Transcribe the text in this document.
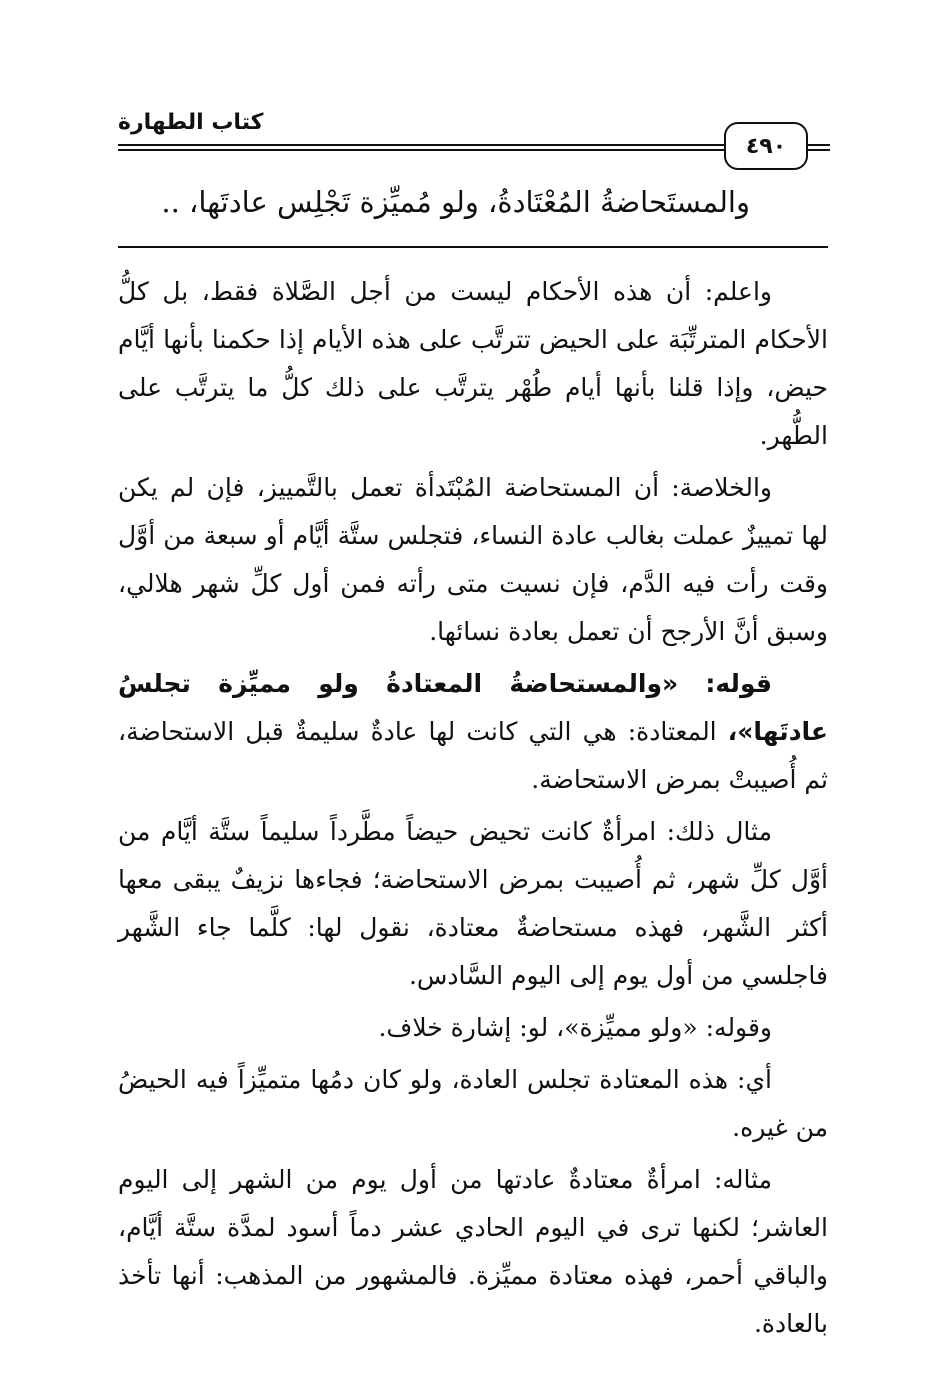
كتاب الطهارة
٤٩٠
والمستَحاضةُ المُعْتَادةُ، ولو مُميِّزة تَجْلِس عادتَها، ..

واعلم: أن هذه الأحكام ليست من أجل الصَّلاة فقط، بل كلُّ الأحكام المترتِّبَة على الحيض تترتَّب على هذه الأيام إذا حكمنا بأنها أيَّام حيض، وإذا قلنا بأنها أيام طُهْر يترتَّب على ذلك كلُّ ما يترتَّب على الطُّهر.

والخلاصة: أن المستحاضة المُبْتَدأة تعمل بالتَّمييز، فإن لم يكن لها تمييزٌ عملت بغالب عادة النساء، فتجلس ستَّة أيَّام أو سبعة من أوَّل وقت رأت فيه الدَّم، فإن نسيت متى رأته فمن أول كلِّ شهر هلالي، وسبق أنَّ الأرجح أن تعمل بعادة نسائها.

قوله: «والمستحاضةُ المعتادةُ ولو مميِّزة تجلسُ عادتَها»، المعتادة: هي التي كانت لها عادةٌ سليمةٌ قبل الاستحاضة، ثم أُصيبتْ بمرض الاستحاضة.

مثال ذلك: امرأةٌ كانت تحيض حيضاً مطَّرداً سليماً ستَّة أيَّام من أوَّل كلِّ شهر، ثم أُصيبت بمرض الاستحاضة؛ فجاءها نزيفٌ يبقى معها أكثر الشَّهر، فهذه مستحاضةٌ معتادة، نقول لها: كلَّما جاء الشَّهر فاجلسي من أول يوم إلى اليوم السَّادس.

وقوله: «ولو مميِّزة»، لو: إشارة خلاف.

أي: هذه المعتادة تجلس العادة، ولو كان دمُها متميِّزاً فيه الحيضُ من غيره.

مثاله: امرأةٌ معتادةٌ عادتها من أول يوم من الشهر إلى اليوم العاشر؛ لكنها ترى في اليوم الحادي عشر دماً أسود لمدَّة ستَّة أيَّام، والباقي أحمر، فهذه معتادة مميِّزة. فالمشهور من المذهب: أنها تأخذ بالعادة.
